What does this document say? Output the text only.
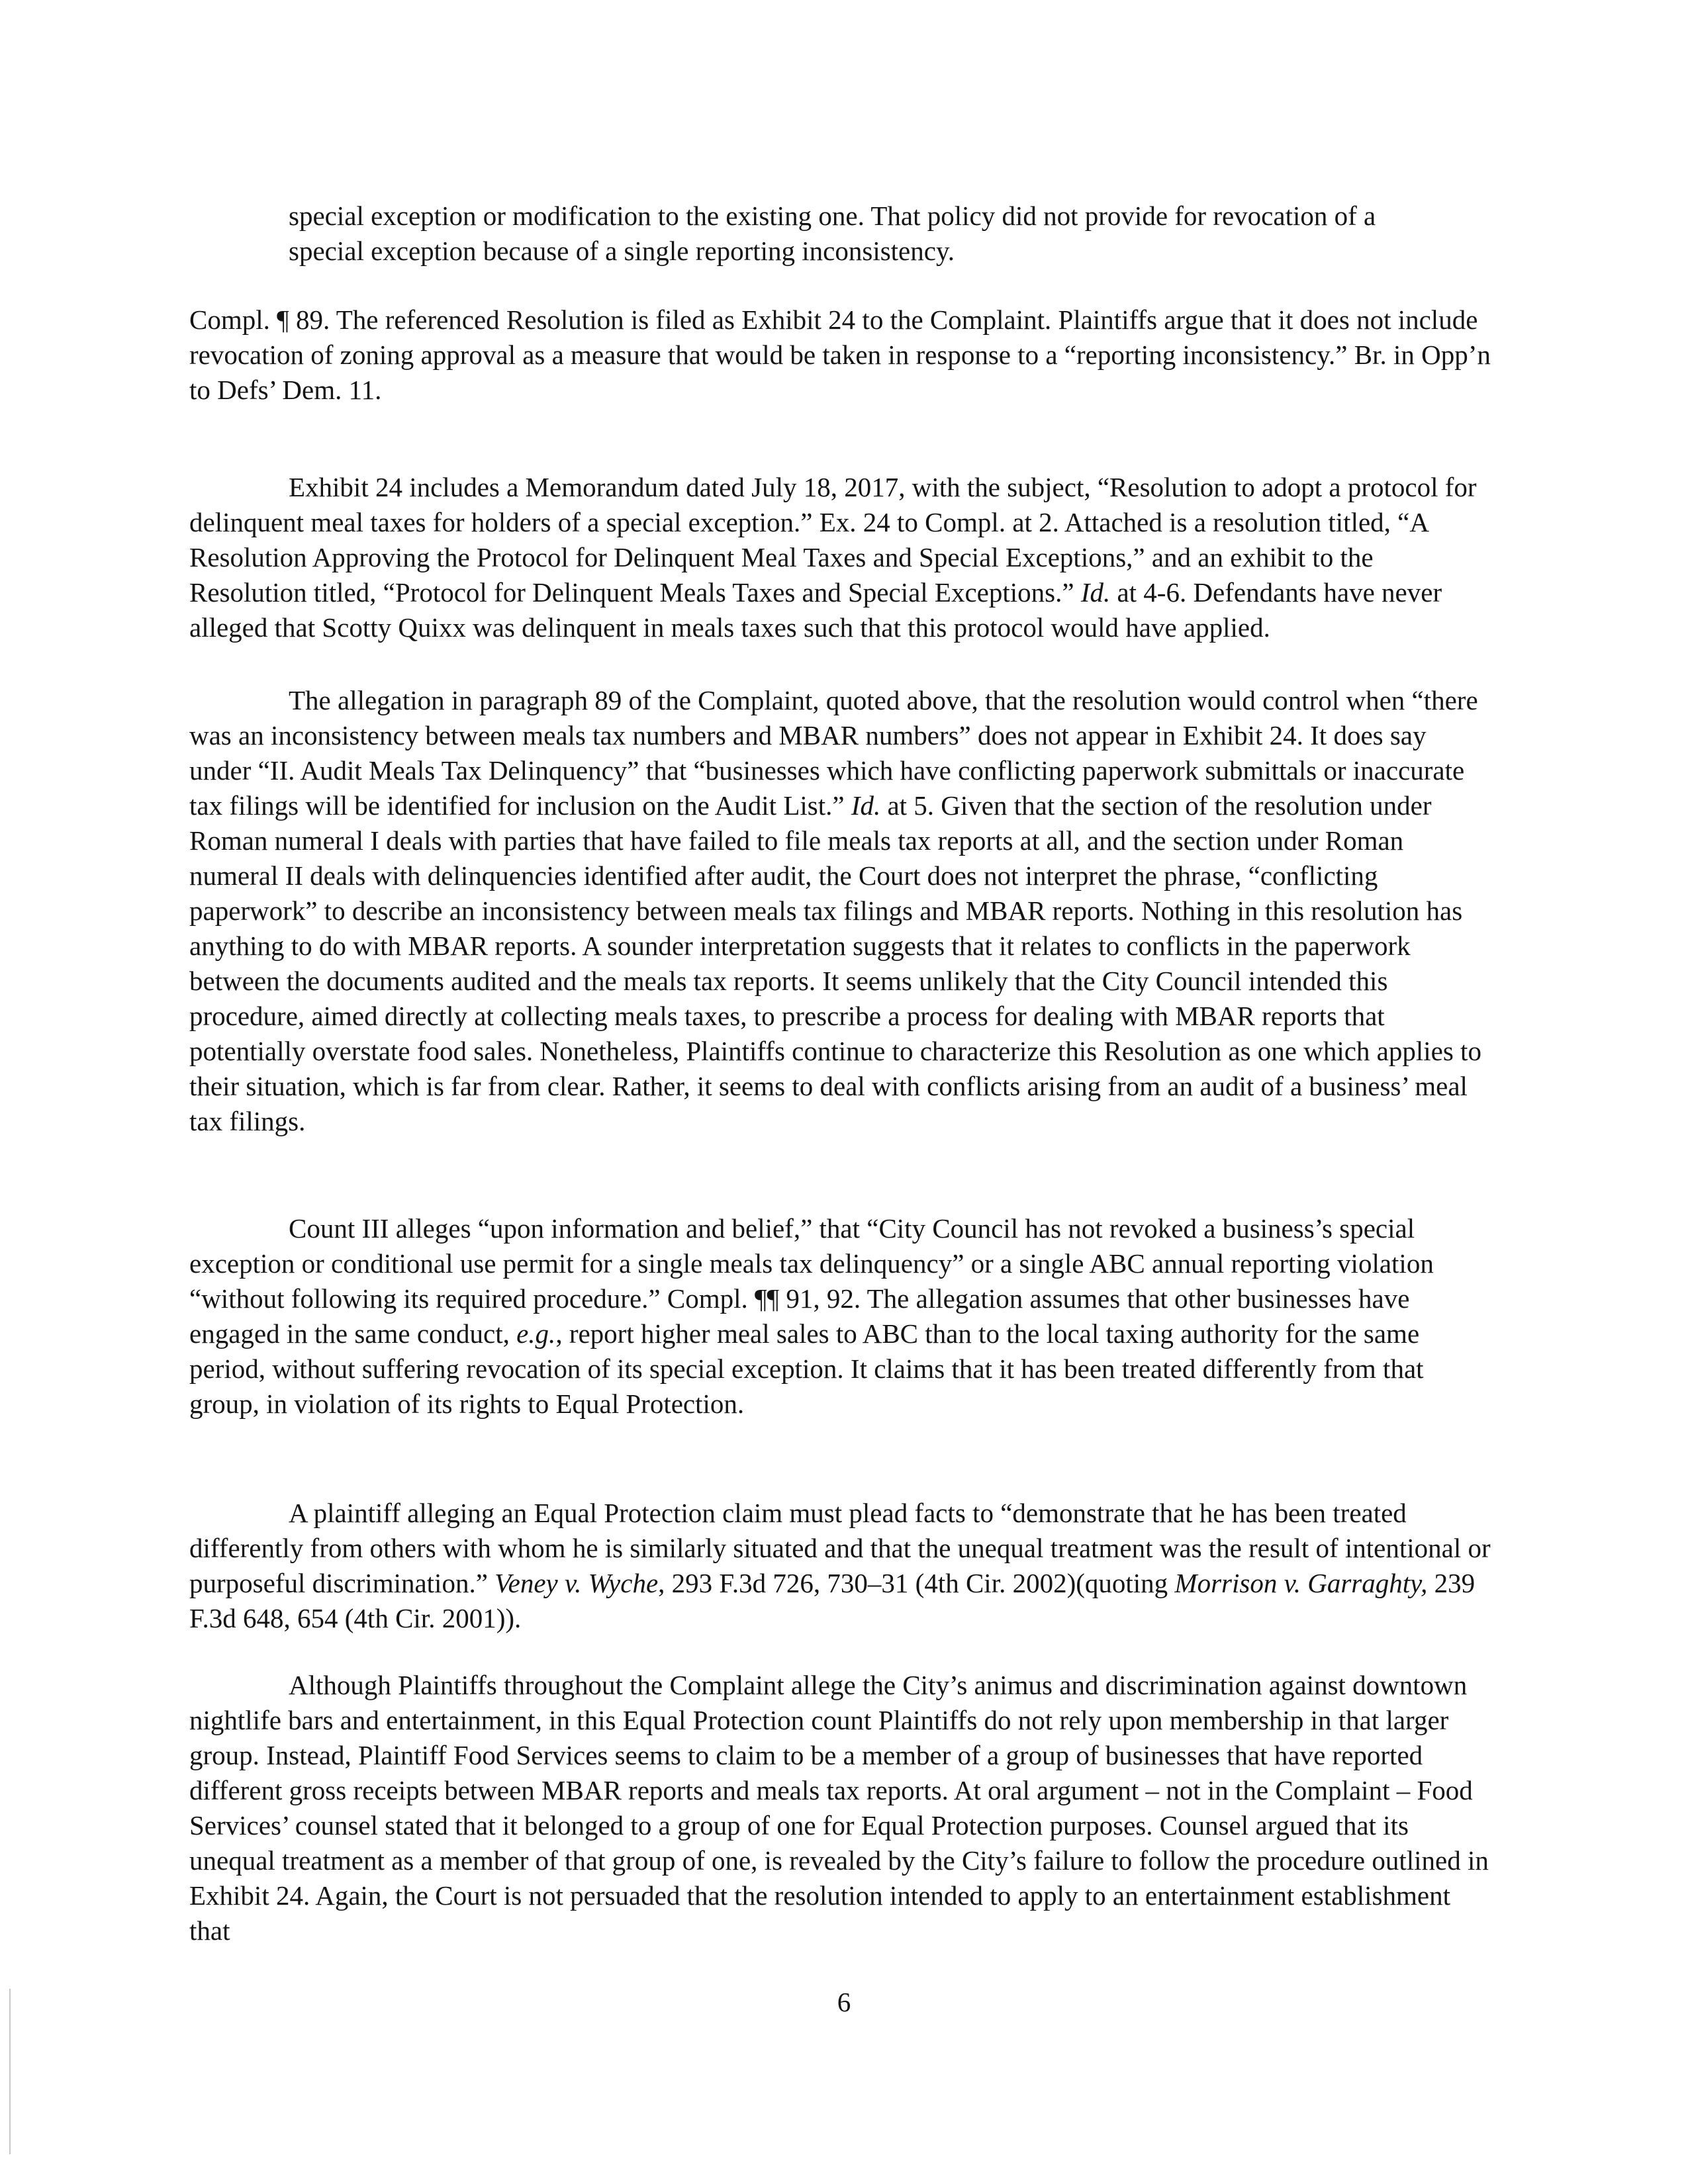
special exception or modification to the existing one. That policy did not provide for revocation of a special exception because of a single reporting inconsistency.

Compl. ¶ 89. The referenced Resolution is filed as Exhibit 24 to the Complaint. Plaintiffs argue that it does not include revocation of zoning approval as a measure that would be taken in response to a “reporting inconsistency.” Br. in Opp’n to Defs’ Dem. 11.

Exhibit 24 includes a Memorandum dated July 18, 2017, with the subject, “Resolution to adopt a protocol for delinquent meal taxes for holders of a special exception.” Ex. 24 to Compl. at 2. Attached is a resolution titled, “A Resolution Approving the Protocol for Delinquent Meal Taxes and Special Exceptions,” and an exhibit to the Resolution titled, “Protocol for Delinquent Meals Taxes and Special Exceptions.” Id. at 4-6. Defendants have never alleged that Scotty Quixx was delinquent in meals taxes such that this protocol would have applied.

The allegation in paragraph 89 of the Complaint, quoted above, that the resolution would control when “there was an inconsistency between meals tax numbers and MBAR numbers” does not appear in Exhibit 24. It does say under “II. Audit Meals Tax Delinquency” that “businesses which have conflicting paperwork submittals or inaccurate tax filings will be identified for inclusion on the Audit List.” Id. at 5. Given that the section of the resolution under Roman numeral I deals with parties that have failed to file meals tax reports at all, and the section under Roman numeral II deals with delinquencies identified after audit, the Court does not interpret the phrase, “conflicting paperwork” to describe an inconsistency between meals tax filings and MBAR reports. Nothing in this resolution has anything to do with MBAR reports. A sounder interpretation suggests that it relates to conflicts in the paperwork between the documents audited and the meals tax reports. It seems unlikely that the City Council intended this procedure, aimed directly at collecting meals taxes, to prescribe a process for dealing with MBAR reports that potentially overstate food sales. Nonetheless, Plaintiffs continue to characterize this Resolution as one which applies to their situation, which is far from clear. Rather, it seems to deal with conflicts arising from an audit of a business’ meal tax filings.

Count III alleges “upon information and belief,” that “City Council has not revoked a business’s special exception or conditional use permit for a single meals tax delinquency” or a single ABC annual reporting violation “without following its required procedure.” Compl. ¶¶ 91, 92. The allegation assumes that other businesses have engaged in the same conduct, e.g., report higher meal sales to ABC than to the local taxing authority for the same period, without suffering revocation of its special exception. It claims that it has been treated differently from that group, in violation of its rights to Equal Protection.

A plaintiff alleging an Equal Protection claim must plead facts to “demonstrate that he has been treated differently from others with whom he is similarly situated and that the unequal treatment was the result of intentional or purposeful discrimination.” Veney v. Wyche, 293 F.3d 726, 730–31 (4th Cir. 2002)(quoting Morrison v. Garraghty, 239 F.3d 648, 654 (4th Cir. 2001)).

Although Plaintiffs throughout the Complaint allege the City’s animus and discrimination against downtown nightlife bars and entertainment, in this Equal Protection count Plaintiffs do not rely upon membership in that larger group. Instead, Plaintiff Food Services seems to claim to be a member of a group of businesses that have reported different gross receipts between MBAR reports and meals tax reports. At oral argument – not in the Complaint – Food Services’ counsel stated that it belonged to a group of one for Equal Protection purposes. Counsel argued that its unequal treatment as a member of that group of one, is revealed by the City’s failure to follow the procedure outlined in Exhibit 24. Again, the Court is not persuaded that the resolution intended to apply to an entertainment establishment that

6
